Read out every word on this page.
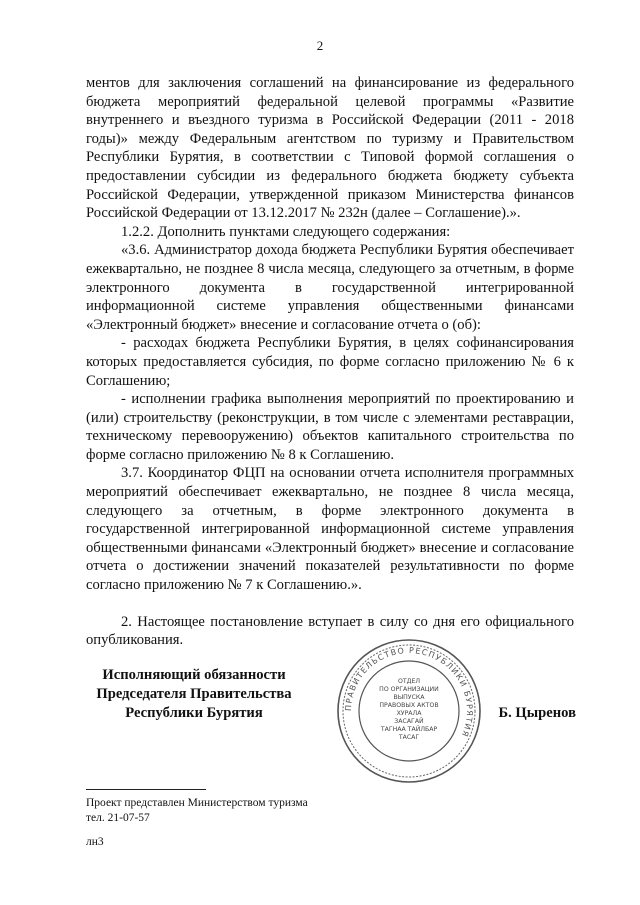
2

ментов для заключения соглашений на финансирование из федерального бюджета мероприятий федеральной целевой программы «Развитие внутреннего и въездного туризма в Российской Федерации (2011 - 2018 годы)» между Федеральным агентством по туризму и Правительством Республики Бурятия, в соответствии с Типовой формой соглашения о предоставлении субсидии из федерального бюджета бюджету субъекта Российской Федерации, утвержденной приказом Министерства финансов Российской Федерации от 13.12.2017 № 232н (далее – Соглашение).».

1.2.2. Дополнить пунктами следующего содержания:

«3.6. Администратор дохода бюджета Республики Бурятия обеспечивает ежеквартально, не позднее 8 числа месяца, следующего за отчетным, в форме электронного документа в государственной интегрированной информационной системе управления общественными финансами «Электронный бюджет» внесение и согласование отчета о (об):

- расходах бюджета Республики Бурятия, в целях софинансирования которых предоставляется субсидия, по форме согласно приложению № 6 к Соглашению;

- исполнении графика выполнения мероприятий по проектированию и (или) строительству (реконструкции, в том числе с элементами реставрации, техническому перевооружению) объектов капитального строительства по форме согласно приложению № 8 к Соглашению.

3.7. Координатор ФЦП на основании отчета исполнителя программных мероприятий обеспечивает ежеквартально, не позднее 8 числа месяца, следующего за отчетным, в форме электронного документа в государственной интегрированной информационной системе управления общественными финансами «Электронный бюджет» внесение и согласование отчета о достижении значений показателей результативности по форме согласно приложению № 7 к Соглашению.».

2. Настоящее постановление вступает в силу со дня его официального опубликования.

Исполняющий обязанности
Председателя Правительства
Республики Бурятия	ПРАВИТЕЛЬСТВО РЕСПУБЛИКИ БУРЯТИЯ
ОТДЕЛ
ПО ОРГАНИЗАЦИИ
ВЫПУСКА
ПРАВОВЫХ АКТОВ
ХУРАЛА
ЗАСАГАЙ
ТАГНАА ТАЙЛБАР
ТАСАГ
Б. Цыренов
Проект представлен Министерством туризма
тел. 21-07-57
лн3
